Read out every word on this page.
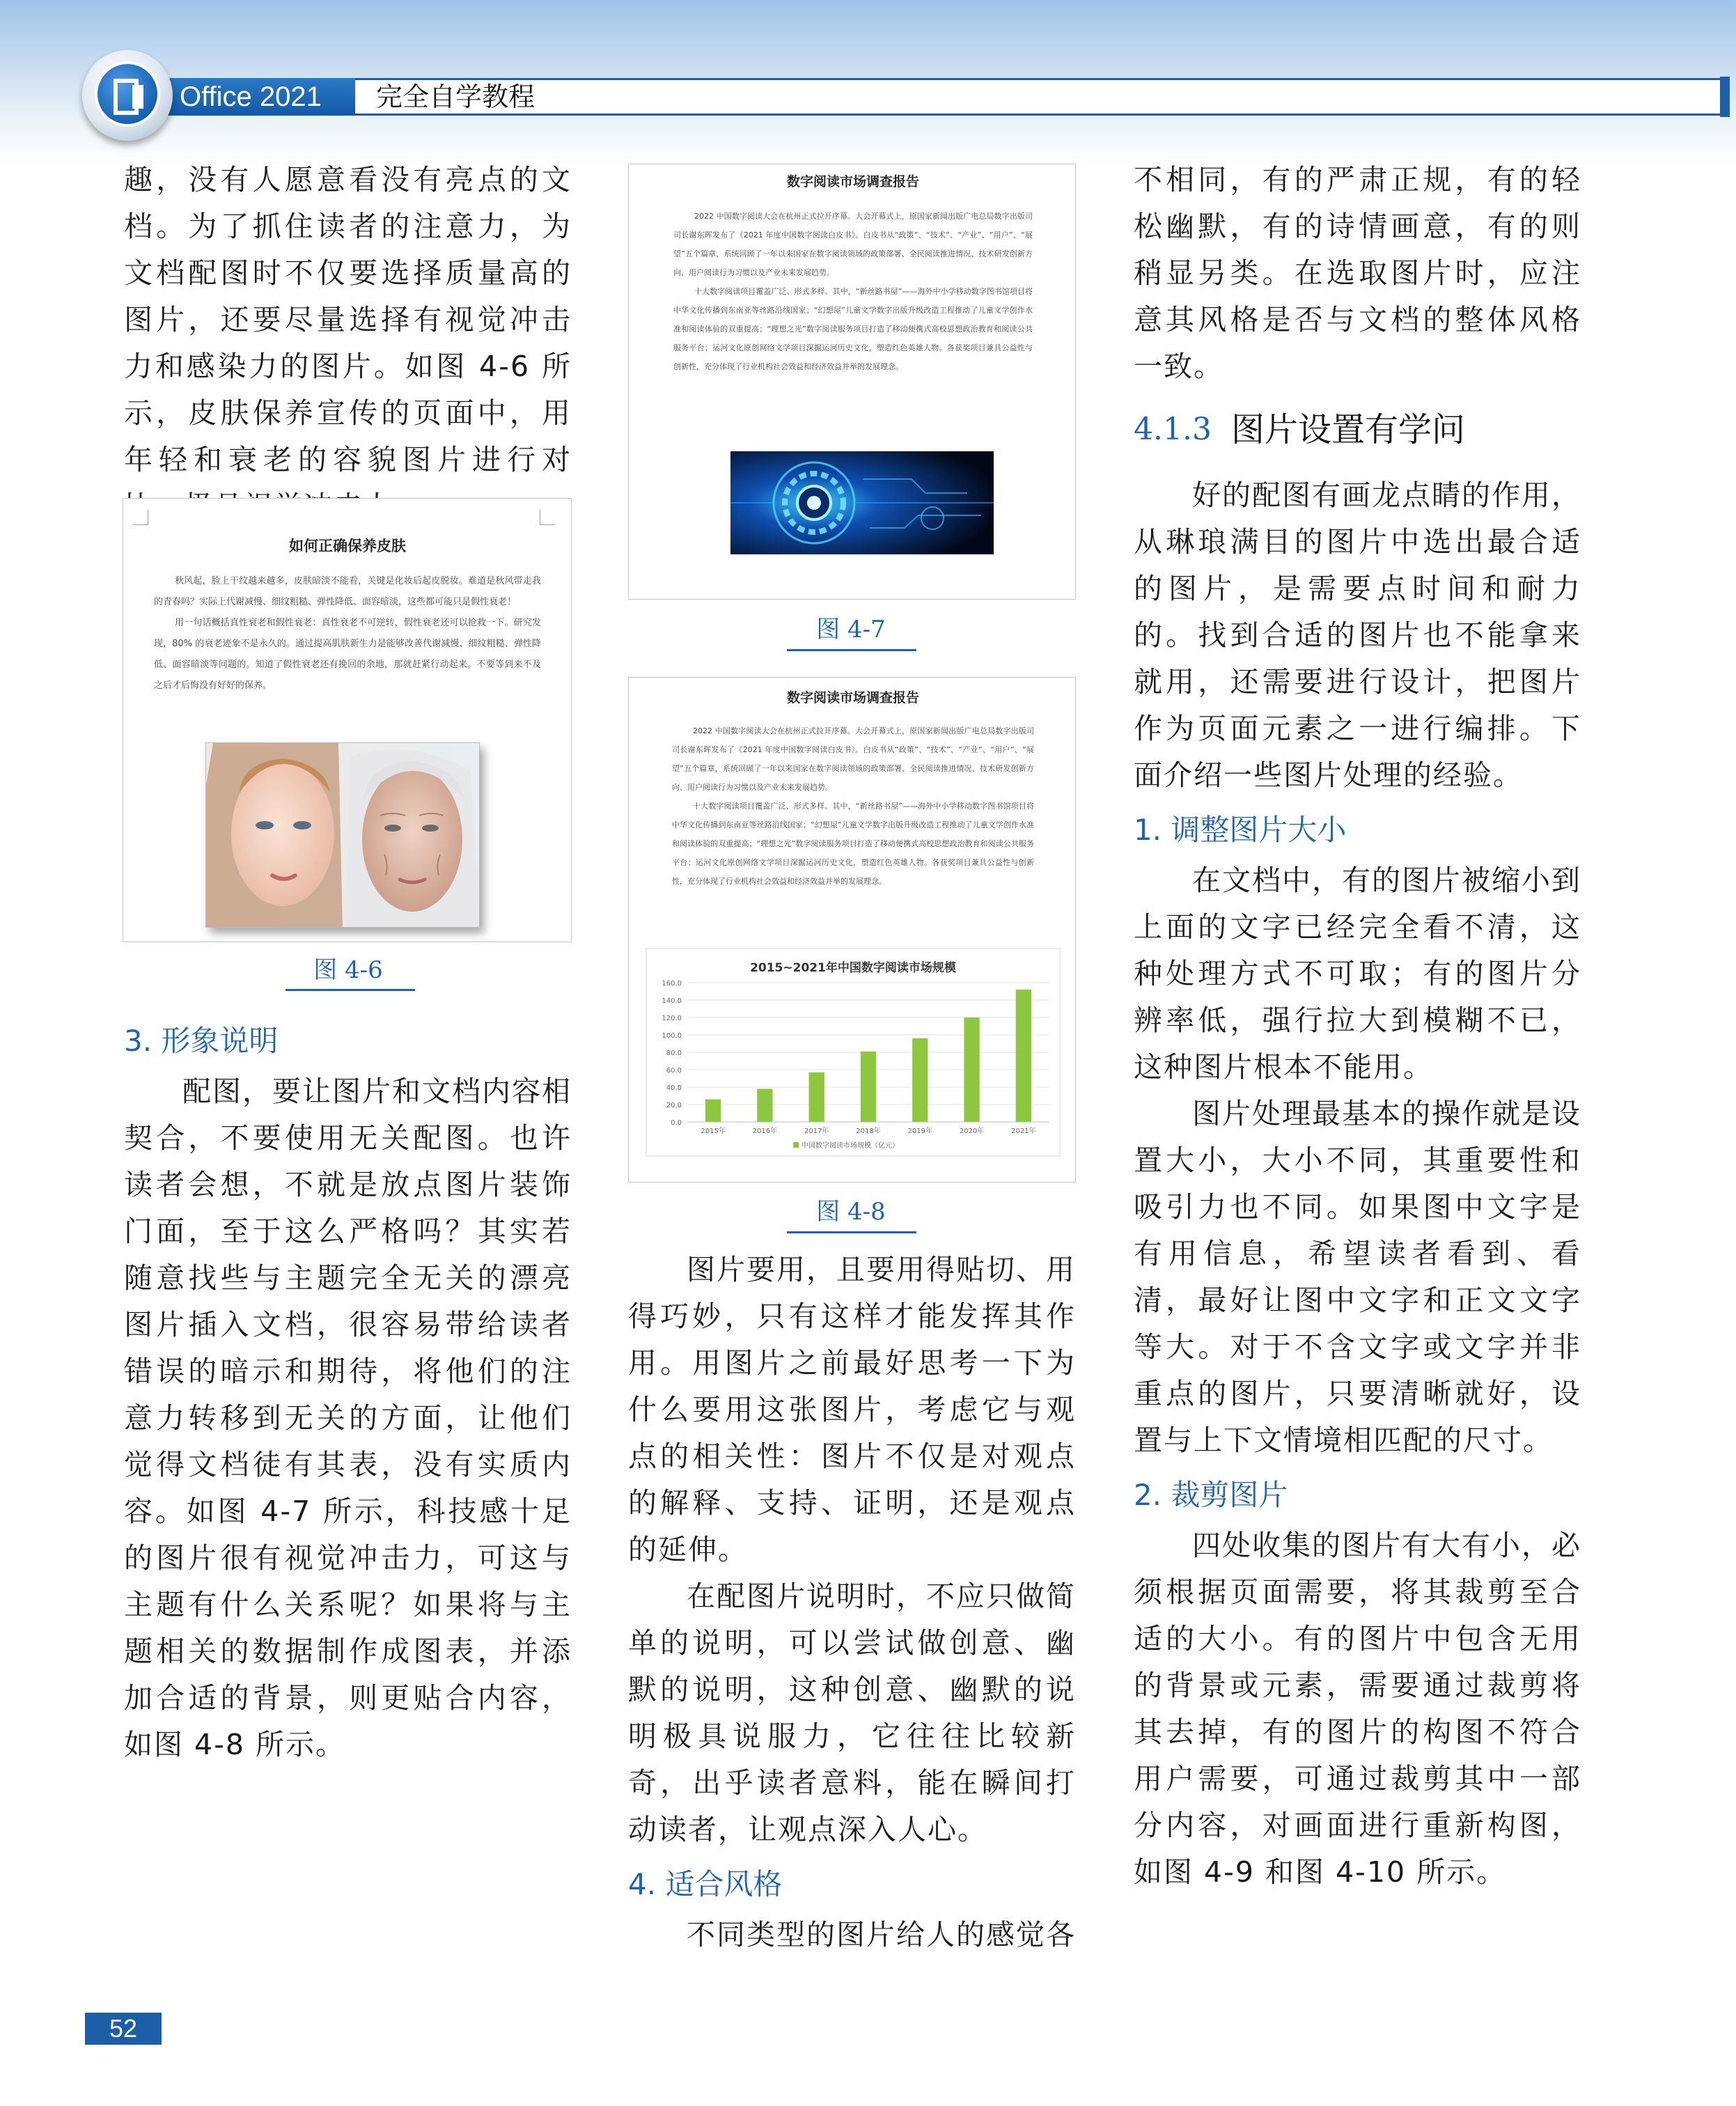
Office 2021	完全自学教程

趣，没有人愿意看没有亮点的文档。为了抓住读者的注意力，为文档配图时不仅要选择质量高的图片，还要尽量选择有视觉冲击力和感染力的图片。如图 4-6 所示，皮肤保养宣传的页面中，用年轻和衰老的容貌图片进行对

如何正确保养皮肤

秋风起，脸上干纹越来越多，皮肤暗淡不能看，关键是化妆后起皮脱妆。难道是秋风带走我的青春吗？实际上代谢减慢、细纹粗糙、弹性降低、面容暗淡，这些都可能只是假性衰老！

用一句话概括真性衰老和假性衰老：真性衰老不可逆转，假性衰老还可以抢救一下。研究发现，80% 的衰老迹象不是永久的。通过提高肌肤新生力是能够改善代谢减慢、细纹粗糙、弹性降低、面容暗淡等问题的。知道了假性衰老还有挽回的余地，那就赶紧行动起来。不要等到来不及之后才后悔没有好好的保养。

图 4-6
3. 形象说明

配图，要让图片和文档内容相契合，不要使用无关配图。也许读者会想，不就是放点图片装饰门面，至于这么严格吗？其实若随意找些与主题完全无关的漂亮图片插入文档，很容易带给读者错误的暗示和期待，将他们的注意力转移到无关的方面，让他们觉得文档徒有其表，没有实质内容。如图 4-7 所示，科技感十足的图片很有视觉冲击力，可这与主题有什么关系呢？如果将与主题相关的数据制作成图表，并添加合适的背景，则更贴合内容，如图 4-8 所示。

数字阅读市场调查报告

2022 中国数字阅读大会在杭州正式拉开序幕。大会开幕式上，原国家新闻出版广电总局数字出版司司长谢东晖发布了《2021 年度中国数字阅读白皮书》。白皮书从“政策”、“技术”、“产业”、“用户”、“展望”五个篇章，系统回顾了一年以来国家在数字阅读领域的政策部署、全民阅读推进情况、技术研发创新方向、用户阅读行为习惯以及产业未来发展趋势。

十大数字阅读项目覆盖广泛、形式多样。其中，“新丝路书屋”——海外中小学移动数字图书馆项目将中华文化传播到东南亚等丝路沿线国家；“幻想屋”儿童文学数字出版升级改造工程推动了儿童文学创作水准和阅读体验的双重提高；“理想之光”数字阅读服务项目打造了移动便携式高校思想政治教育和阅读公共服务平台；运河文化原创网络文学项目深掘运河历史文化，塑造红色英雄人物。各获奖项目兼具公益性与创新性，充分体现了行业机构社会效益和经济效益并举的发展理念。

图 4-7
数字阅读市场调查报告

2022 中国数字阅读大会在杭州正式拉开序幕。大会开幕式上，原国家新闻出版广电总局数字出版司司长谢东晖发布了《2021 年度中国数字阅读白皮书》。白皮书从“政策”、“技术”、“产业”、“用户”、“展望”五个篇章，系统回顾了一年以来国家在数字阅读领域的政策部署、全民阅读推进情况、技术研发创新方向、用户阅读行为习惯以及产业未来发展趋势。

十大数字阅读项目覆盖广泛、形式多样。其中，“新丝路书屋”——海外中小学移动数字图书馆项目将中华文化传播到东南亚等丝路沿线国家；“幻想屋”儿童文学数字出版升级改造工程推动了儿童文学创作水准和阅读体验的双重提高；“理想之光”数字阅读服务项目打造了移动便携式高校思想政治教育和阅读公共服务平台；运河文化原创网络文学项目深掘运河历史文化，塑造红色英雄人物。各获奖项目兼具公益性与创新性，充分体现了行业机构社会效益和经济效益并举的发展理念。

2015~2021年中国数字阅读市场规模
0.0
20.0
40.0
60.0
80.0
100.0
120.0
140.0
160.0
2015年	2016年	2017年	2018年	2019年	2020年	2021年
中国数字阅读市场规模（亿元）
图 4-8

图片要用，且要用得贴切、用得巧妙，只有这样才能发挥其作用。用图片之前最好思考一下为什么要用这张图片，考虑它与观点的相关性：图片不仅是对观点的解释、支持、证明，还是观点的延伸。

在配图片说明时，不应只做简单的说明，可以尝试做创意、幽默的说明，这种创意、幽默的说明极具说服力，它往往比较新奇，出乎读者意料，能在瞬间打动读者，让观点深入人心。

4. 适合风格

不同类型的图片给人的感觉各

不相同，有的严肃正规，有的轻松幽默，有的诗情画意，有的则稍显另类。在选取图片时，应注意其风格是否与文档的整体风格一致。

4.1.3 图片设置有学问

好的配图有画龙点睛的作用，从琳琅满目的图片中选出最合适的图片，是需要点时间和耐力的。找到合适的图片也不能拿来就用，还需要进行设计，把图片作为页面元素之一进行编排。下面介绍一些图片处理的经验。

1. 调整图片大小

在文档中，有的图片被缩小到上面的文字已经完全看不清，这种处理方式不可取；有的图片分辨率低，强行拉大到模糊不已，这种图片根本不能用。

图片处理最基本的操作就是设置大小，大小不同，其重要性和吸引力也不同。如果图中文字是有用信息，希望读者看到、看清，最好让图中文字和正文文字等大。对于不含文字或文字并非重点的图片，只要清晰就好，设置与上下文情境相匹配的尺寸。

2. 裁剪图片

四处收集的图片有大有小，必须根据页面需要，将其裁剪至合适的大小。有的图片中包含无用的背景或元素，需要通过裁剪将其去掉，有的图片的构图不符合用户需要，可通过裁剪其中一部分内容，对画面进行重新构图，如图 4-9 和图 4-10 所示。

52
